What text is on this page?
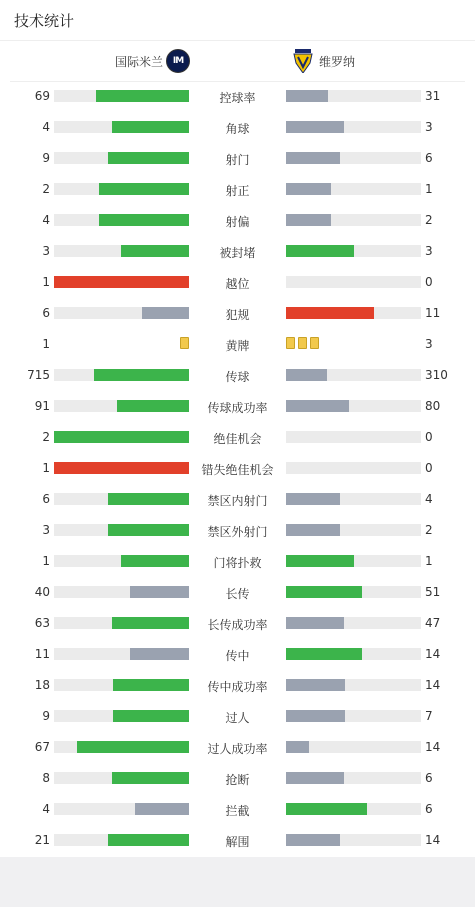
技术统计
国际米兰 IM	维罗纳
69	控球率	31
4	角球	3
9	射门	6
2	射正	1
4	射偏	2
3	被封堵	3
1	越位	0
6	犯规	11
1	黄牌	3
715	传球	310
91	传球成功率	80
2	绝佳机会	0
1	错失绝佳机会	0
6	禁区内射门	4
3	禁区外射门	2
1	门将扑救	1
40	长传	51
63	长传成功率	47
11	传中	14
18	传中成功率	14
9	过人	7
67	过人成功率	14
8	抢断	6
4	拦截	6
21	解围	14
